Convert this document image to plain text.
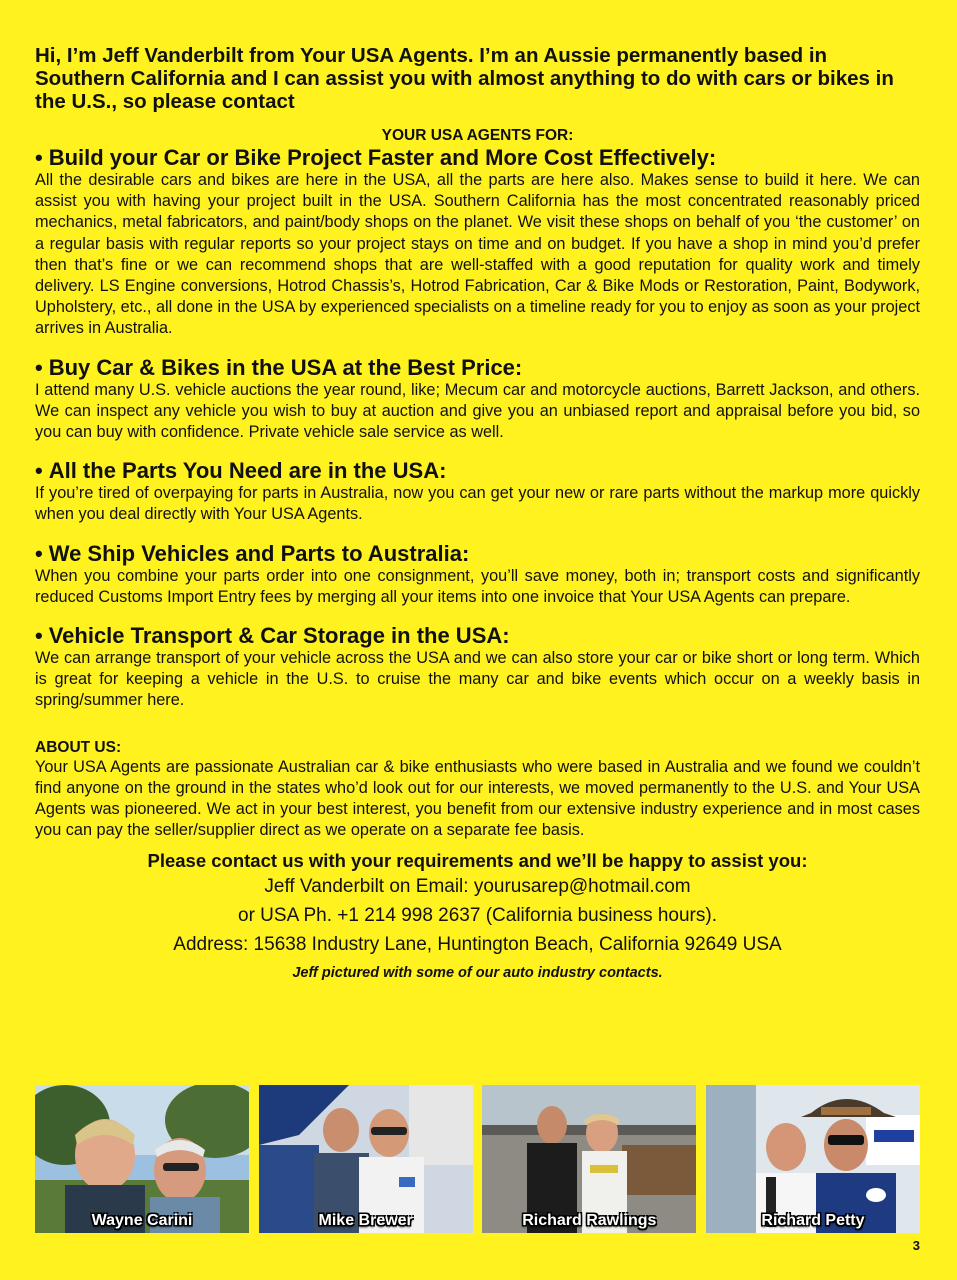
Hi, I’m Jeff Vanderbilt from Your USA Agents. I’m an Aussie permanently based in Southern California and I can assist you with almost anything to do with cars or bikes in the U.S., so please contact

YOUR USA AGENTS FOR:

• Build your Car or Bike Project Faster and More Cost Effectively:

All the desirable cars and bikes are here in the USA, all the parts are here also. Makes sense to build it here. We can assist you with having your project built in the USA. Southern California has the most concentrated reasonably priced mechanics, metal fabricators, and paint/body shops on the planet. We visit these shops on behalf of you ‘the customer’ on a regular basis with regular reports so your project stays on time and on budget. If you have a shop in mind you’d prefer then that’s fine or we can recommend shops that are well-staffed with a good reputation for quality work and timely delivery. LS Engine conversions, Hotrod Chassis’s, Hotrod Fabrication, Car & Bike Mods or Restoration, Paint, Bodywork, Upholstery, etc., all done in the USA by experienced specialists on a timeline ready for you to enjoy as soon as your project arrives in Australia.

• Buy Car & Bikes in the USA at the Best Price:

I attend many U.S. vehicle auctions the year round, like; Mecum car and motorcycle auctions, Barrett Jackson, and others. We can inspect any vehicle you wish to buy at auction and give you an unbiased report and appraisal before you bid, so you can buy with confidence. Private vehicle sale service as well.

• All the Parts You Need are in the USA:

If you’re tired of overpaying for parts in Australia, now you can get your new or rare parts without the markup more quickly when you deal directly with Your USA Agents.

• We Ship Vehicles and Parts to Australia:

When you combine your parts order into one consignment, you’ll save money, both in; transport costs and significantly reduced Customs Import Entry fees by merging all your items into one invoice that Your USA Agents can prepare.

• Vehicle Transport & Car Storage in the USA:

We can arrange transport of your vehicle across the USA and we can also store your car or bike short or long term. Which is great for keeping a vehicle in the U.S. to cruise the many car and bike events which occur on a weekly basis in spring/summer here.

ABOUT US:

Your USA Agents are passionate Australian car & bike enthusiasts who were based in Australia and we found we couldn’t find anyone on the ground in the states who’d look out for our interests, we moved permanently to the U.S. and Your USA Agents was pioneered. We act in your best interest, you benefit from our extensive industry experience and in most cases you can pay the seller/supplier direct as we operate on a separate fee basis.

Please contact us with your requirements and we’ll be happy to assist you:

Jeff Vanderbilt on Email: yourusarep@hotmail.com

or USA Ph. +1 214 998 2637 (California business hours).

Address: 15638 Industry Lane, Huntington Beach, California 92649 USA

Jeff pictured with some of our auto industry contacts.

Wayne Carini	Mike Brewer	Richard Rawlings	Richard Petty
3
